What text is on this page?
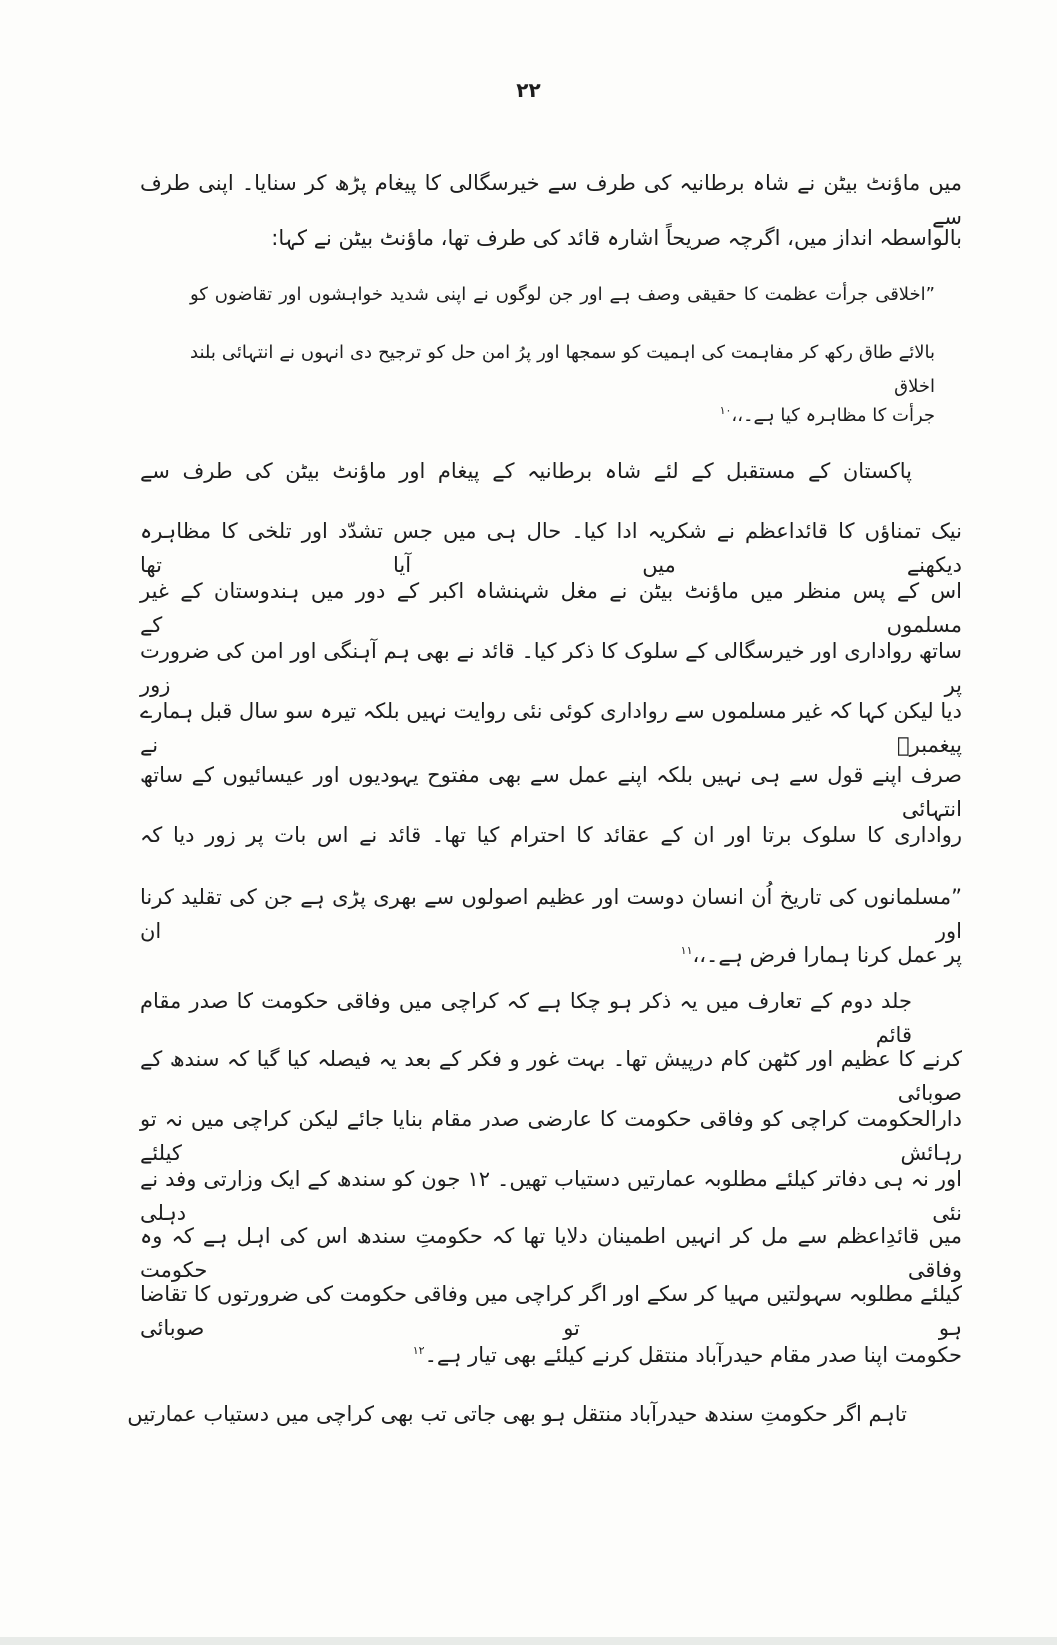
۲۲
میں ماؤنٹ بیٹن نے شاہ برطانیہ کی طرف سے خیرسگالی کا پیغام پڑھ کر سنایا۔ اپنی طرف سے
بالواسطہ انداز میں، اگرچہ صریحاً اشارہ قائد کی طرف تھا، ماؤنٹ بیٹن نے کہا:
”اخلاقی جرأت عظمت کا حقیقی وصف ہے اور جن لوگوں نے اپنی شدید خواہشوں اور تقاضوں کو
بالائے طاق رکھ کر مفاہمت کی اہمیت کو سمجھا اور پرُ امن حل کو ترجیح دی انہوں نے انتہائی بلند اخلاق
جرأت کا مظاہرہ کیا ہے۔،،$^{۱۰}$
پاکستان کے مستقبل کے لئے شاہ برطانیہ کے پیغام اور ماؤنٹ بیٹن کی طرف سے
نیک تمناؤں کا قائداعظم نے شکریہ ادا کیا۔ حال ہی میں جس تشدّد اور تلخی کا مظاہرہ دیکھنے میں آیا تھا
اس کے پس منظر میں ماؤنٹ بیٹن نے مغل شہنشاہ اکبر کے دور میں ہندوستان کے غیر مسلموں کے
ساتھ رواداری اور خیرسگالی کے سلوک کا ذکر کیا۔ قائد نے بھی ہم آہنگی اور امن کی ضرورت پر زور
دیا لیکن کہا کہ غیر مسلموں سے رواداری کوئی نئی روایت نہیں بلکہ تیرہ سو سال قبل ہمارے پیغمبرؐ نے
صرف اپنے قول سے ہی نہیں بلکہ اپنے عمل سے بھی مفتوح یہودیوں اور عیسائیوں کے ساتھ انتہائی
رواداری کا سلوک برتا اور ان کے عقائد کا احترام کیا تھا۔ قائد نے اس بات پر زور دیا کہ
”مسلمانوں کی تاریخ اُن انسان دوست اور عظیم اصولوں سے بھری پڑی ہے جن کی تقلید کرنا اور ان
پر عمل کرنا ہمارا فرض ہے۔،،$^{۱۱}$
جلد دوم کے تعارف میں یہ ذکر ہو چکا ہے کہ کراچی میں وفاقی حکومت کا صدر مقام قائم
کرنے کا عظیم اور کٹھن کام درپیش تھا۔ بہت غور و فکر کے بعد یہ فیصلہ کیا گیا کہ سندھ کے صوبائی
دارالحکومت کراچی کو وفاقی حکومت کا عارضی صدر مقام بنایا جائے لیکن کراچی میں نہ تو رہائش کیلئے
اور نہ ہی دفاتر کیلئے مطلوبہ عمارتیں دستیاب تھیں۔ ۱۲ جون کو سندھ کے ایک وزارتی وفد نے نئی دہلی
میں قائدِاعظم سے مل کر انہیں اطمینان دلایا تھا کہ حکومتِ سندھ اس کی اہل ہے کہ وہ وفاقی حکومت
کیلئے مطلوبہ سہولتیں مہیا کر سکے اور اگر کراچی میں وفاقی حکومت کی ضرورتوں کا تقاضا ہو تو صوبائی
حکومت اپنا صدر مقام حیدرآباد منتقل کرنے کیلئے بھی تیار ہے۔$^{۱۲}$
تاہم اگر حکومتِ سندھ حیدرآباد منتقل ہو بھی جاتی تب بھی کراچی میں دستیاب عمارتیں
